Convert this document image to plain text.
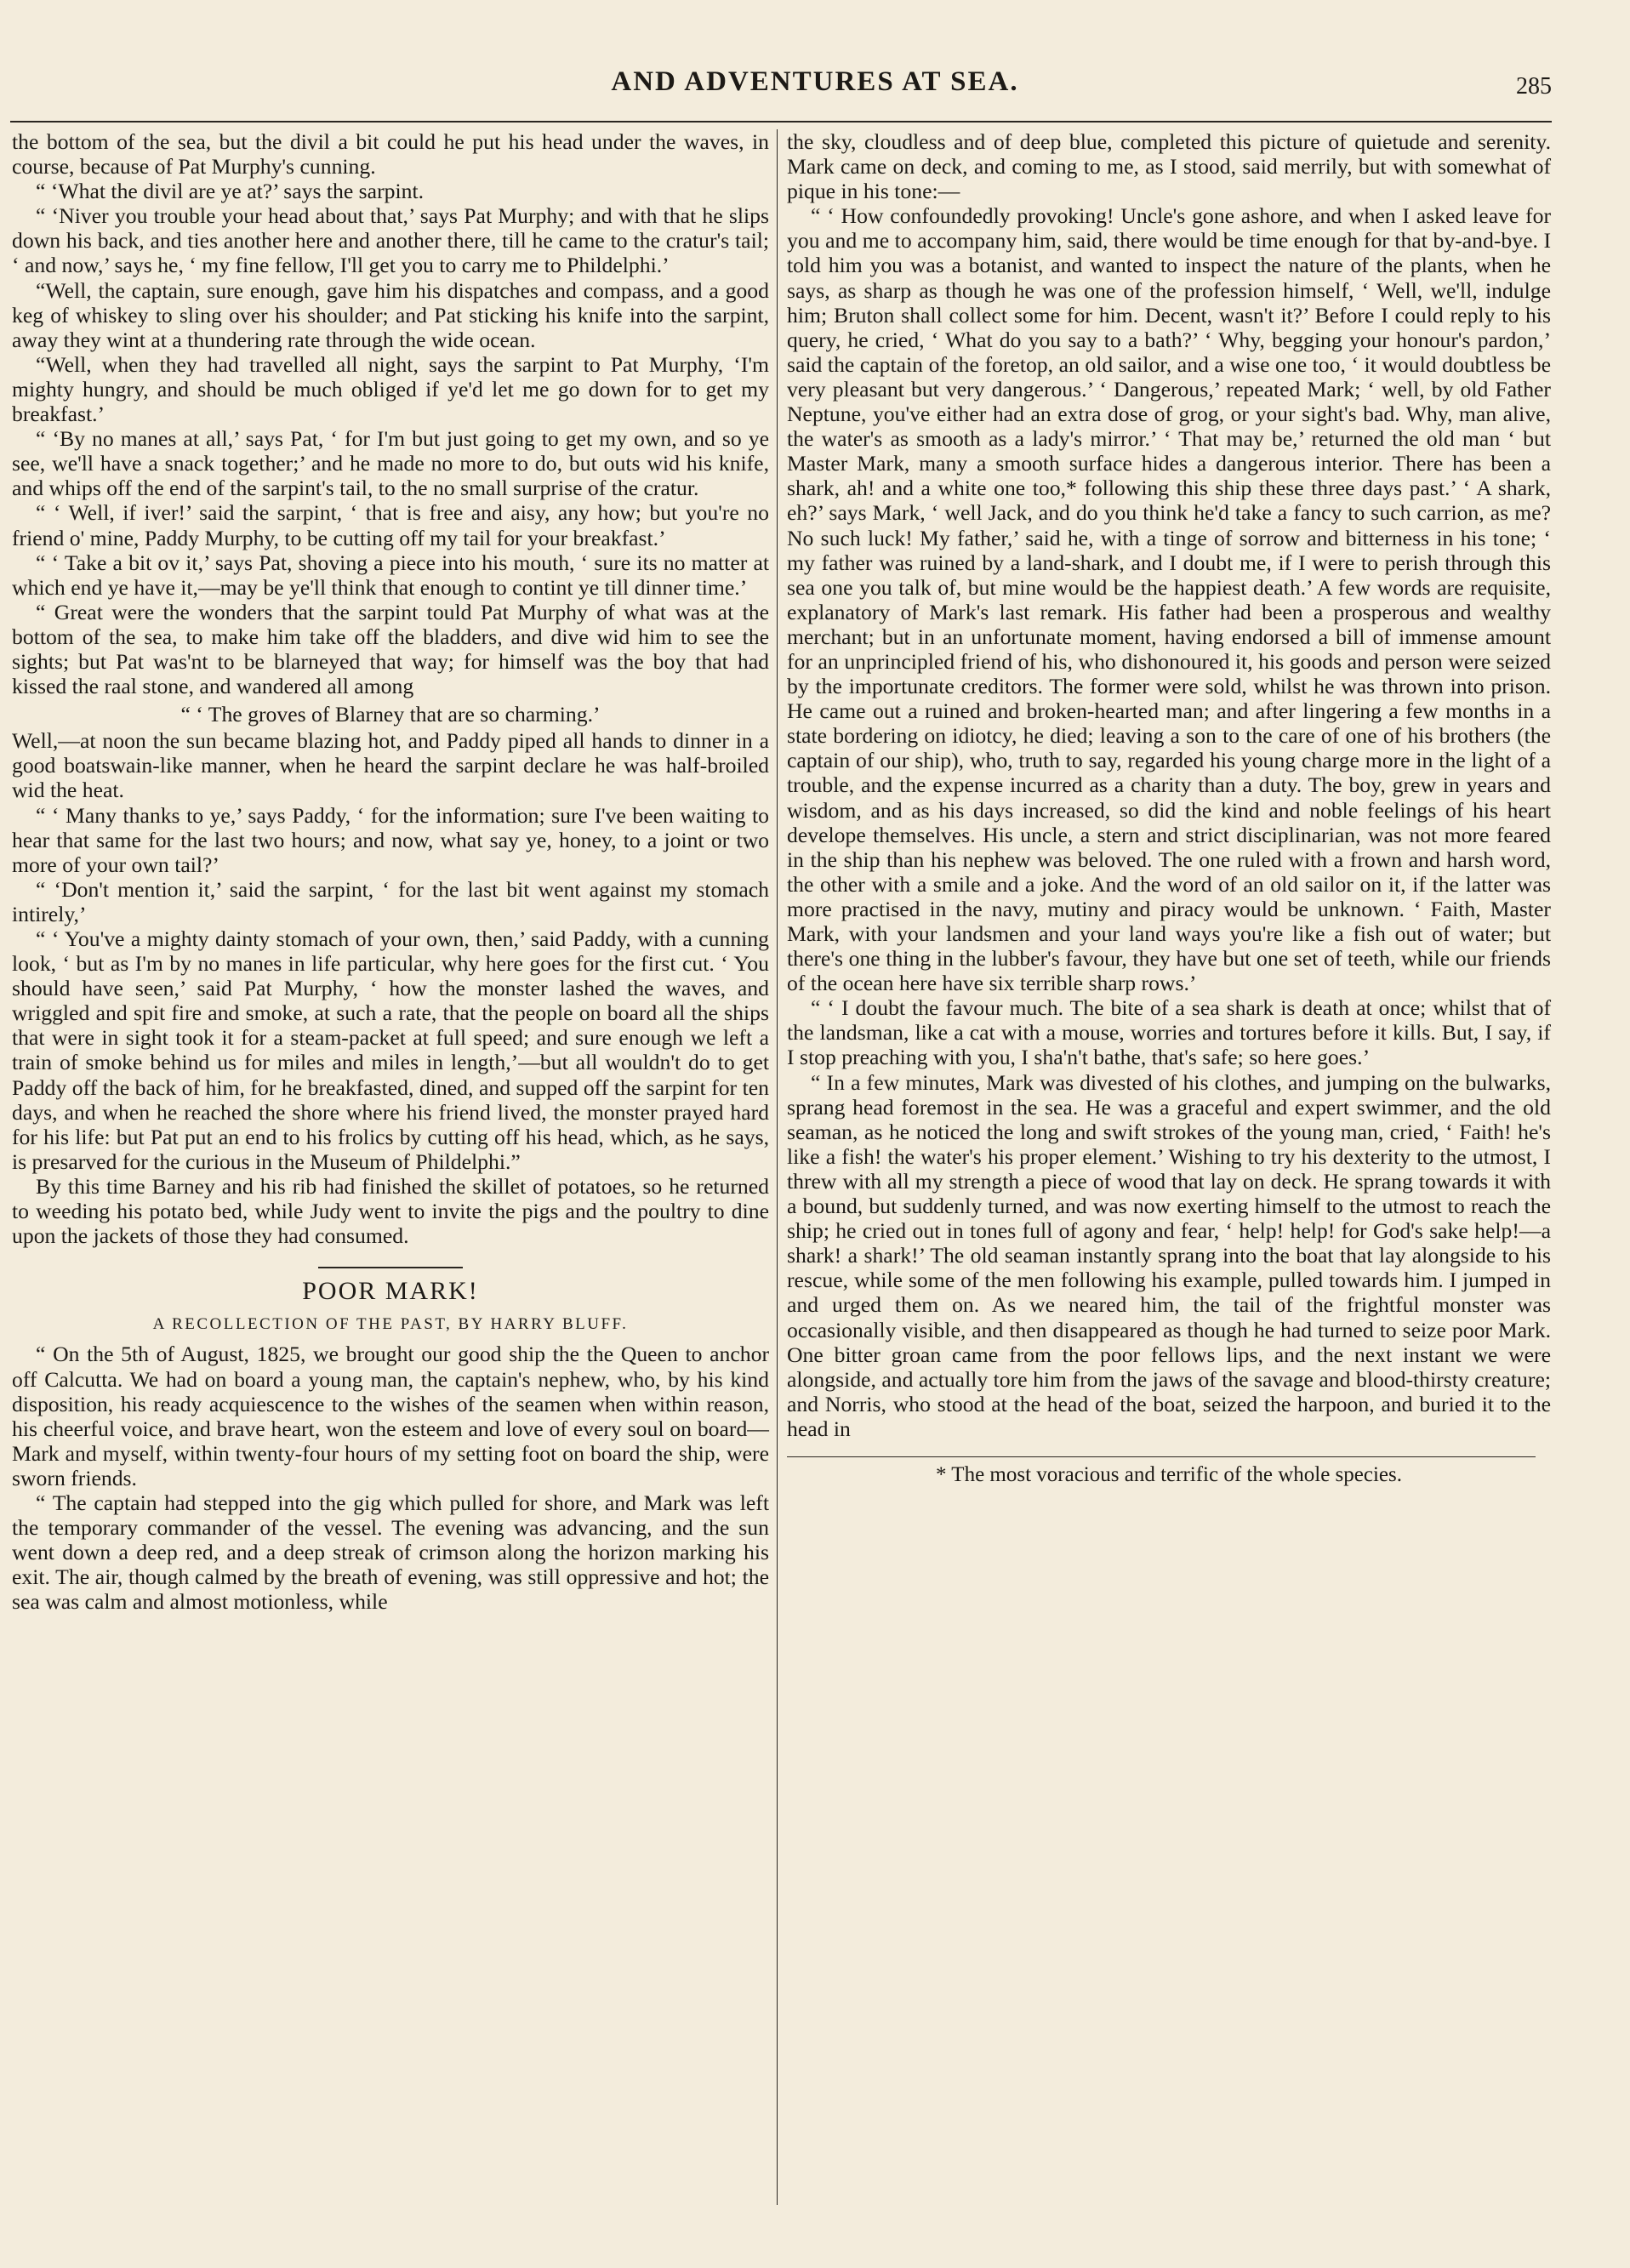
AND ADVENTURES AT SEA.	285

the bottom of the sea, but the divil a bit could he put his head under the waves, in course, because of Pat Murphy's cunning.

“ ‘What the divil are ye at?’ says the sarpint.

“ ‘Niver you trouble your head about that,’ says Pat Murphy; and with that he slips down his back, and ties another here and another there, till he came to the cratur's tail; ‘ and now,’ says he, ‘ my fine fellow, I'll get you to carry me to Phildelphi.’

“Well, the captain, sure enough, gave him his dispatches and compass, and a good keg of whiskey to sling over his shoulder; and Pat sticking his knife into the sarpint, away they wint at a thundering rate through the wide ocean.

“Well, when they had travelled all night, says the sarpint to Pat Murphy, ‘I'm mighty hungry, and should be much obliged if ye'd let me go down for to get my breakfast.’

“ ‘By no manes at all,’ says Pat, ‘ for I'm but just going to get my own, and so ye see, we'll have a snack together;’ and he made no more to do, but outs wid his knife, and whips off the end of the sarpint's tail, to the no small surprise of the cratur.

“ ‘ Well, if iver!’ said the sarpint, ‘ that is free and aisy, any how; but you're no friend o' mine, Paddy Murphy, to be cutting off my tail for your breakfast.’

“ ‘ Take a bit ov it,’ says Pat, shoving a piece into his mouth, ‘ sure its no matter at which end ye have it,—may be ye'll think that enough to contint ye till dinner time.’

“ Great were the wonders that the sarpint tould Pat Murphy of what was at the bottom of the sea, to make him take off the bladders, and dive wid him to see the sights; but Pat was'nt to be blarneyed that way; for himself was the boy that had kissed the raal stone, and wandered all among

“ ‘ The groves of Blarney that are so charming.’

Well,—at noon the sun became blazing hot, and Paddy piped all hands to dinner in a good boatswain-like manner, when he heard the sarpint declare he was half-broiled wid the heat.

“ ‘ Many thanks to ye,’ says Paddy, ‘ for the information; sure I've been waiting to hear that same for the last two hours; and now, what say ye, honey, to a joint or two more of your own tail?’

“ ‘Don't mention it,’ said the sarpint, ‘ for the last bit went against my stomach intirely,’

“ ‘ You've a mighty dainty stomach of your own, then,’ said Paddy, with a cunning look, ‘ but as I'm by no manes in life particular, why here goes for the first cut. ‘ You should have seen,’ said Pat Murphy, ‘ how the monster lashed the waves, and wriggled and spit fire and smoke, at such a rate, that the people on board all the ships that were in sight took it for a steam-packet at full speed; and sure enough we left a train of smoke behind us for miles and miles in length,’—but all wouldn't do to get Paddy off the back of him, for he breakfasted, dined, and supped off the sarpint for ten days, and when he reached the shore where his friend lived, the monster prayed hard for his life: but Pat put an end to his frolics by cutting off his head, which, as he says, is presarved for the curious in the Museum of Phildelphi.”

By this time Barney and his rib had finished the skillet of potatoes, so he returned to weeding his potato bed, while Judy went to invite the pigs and the poultry to dine upon the jackets of those they had consumed.

POOR MARK!
A RECOLLECTION OF THE PAST, BY HARRY BLUFF.

“ On the 5th of August, 1825, we brought our good ship the the Queen to anchor off Calcutta. We had on board a young man, the captain's nephew, who, by his kind disposition, his ready acquiescence to the wishes of the seamen when within reason, his cheerful voice, and brave heart, won the esteem and love of every soul on board—Mark and myself, within twenty-four hours of my setting foot on board the ship, were sworn friends.

“ The captain had stepped into the gig which pulled for shore, and Mark was left the temporary commander of the vessel. The evening was advancing, and the sun went down a deep red, and a deep streak of crimson along the horizon marking his exit. The air, though calmed by the breath of evening, was still oppressive and hot; the sea was calm and almost motionless, while

the sky, cloudless and of deep blue, completed this picture of quietude and serenity. Mark came on deck, and coming to me, as I stood, said merrily, but with somewhat of pique in his tone:—

“ ‘ How confoundedly provoking! Uncle's gone ashore, and when I asked leave for you and me to accompany him, said, there would be time enough for that by-and-bye. I told him you was a botanist, and wanted to inspect the nature of the plants, when he says, as sharp as though he was one of the profession himself, ‘ Well, we'll, indulge him; Bruton shall collect some for him. Decent, wasn't it?’ Before I could reply to his query, he cried, ‘ What do you say to a bath?’ ‘ Why, begging your honour's pardon,’ said the captain of the foretop, an old sailor, and a wise one too, ‘ it would doubtless be very pleasant but very dangerous.’ ‘ Dangerous,’ repeated Mark; ‘ well, by old Father Neptune, you've either had an extra dose of grog, or your sight's bad. Why, man alive, the water's as smooth as a lady's mirror.’ ‘ That may be,’ returned the old man ‘ but Master Mark, many a smooth surface hides a dangerous interior. There has been a shark, ah! and a white one too,* following this ship these three days past.’ ‘ A shark, eh?’ says Mark, ‘ well Jack, and do you think he'd take a fancy to such carrion, as me? No such luck! My father,’ said he, with a tinge of sorrow and bitterness in his tone; ‘ my father was ruined by a land-shark, and I doubt me, if I were to perish through this sea one you talk of, but mine would be the happiest death.’ A few words are requisite, explanatory of Mark's last remark. His father had been a prosperous and wealthy merchant; but in an unfortunate moment, having endorsed a bill of immense amount for an unprincipled friend of his, who dishonoured it, his goods and person were seized by the importunate creditors. The former were sold, whilst he was thrown into prison. He came out a ruined and broken-hearted man; and after lingering a few months in a state bordering on idiotcy, he died; leaving a son to the care of one of his brothers (the captain of our ship), who, truth to say, regarded his young charge more in the light of a trouble, and the expense incurred as a charity than a duty. The boy, grew in years and wisdom, and as his days increased, so did the kind and noble feelings of his heart develope themselves. His uncle, a stern and strict disciplinarian, was not more feared in the ship than his nephew was beloved. The one ruled with a frown and harsh word, the other with a smile and a joke. And the word of an old sailor on it, if the latter was more practised in the navy, mutiny and piracy would be unknown. ‘ Faith, Master Mark, with your landsmen and your land ways you're like a fish out of water; but there's one thing in the lubber's favour, they have but one set of teeth, while our friends of the ocean here have six terrible sharp rows.’

“ ‘ I doubt the favour much. The bite of a sea shark is death at once; whilst that of the landsman, like a cat with a mouse, worries and tortures before it kills. But, I say, if I stop preaching with you, I sha'n't bathe, that's safe; so here goes.’

“ In a few minutes, Mark was divested of his clothes, and jumping on the bulwarks, sprang head foremost in the sea. He was a graceful and expert swimmer, and the old seaman, as he noticed the long and swift strokes of the young man, cried, ‘ Faith! he's like a fish! the water's his proper element.’ Wishing to try his dexterity to the utmost, I threw with all my strength a piece of wood that lay on deck. He sprang towards it with a bound, but suddenly turned, and was now exerting himself to the utmost to reach the ship; he cried out in tones full of agony and fear, ‘ help! help! for God's sake help!—a shark! a shark!’ The old seaman instantly sprang into the boat that lay alongside to his rescue, while some of the men following his example, pulled towards him. I jumped in and urged them on. As we neared him, the tail of the frightful monster was occasionally visible, and then disappeared as though he had turned to seize poor Mark. One bitter groan came from the poor fellows lips, and the next instant we were alongside, and actually tore him from the jaws of the savage and blood-thirsty creature; and Norris, who stood at the head of the boat, seized the harpoon, and buried it to the head in

* The most voracious and terrific of the whole species.
